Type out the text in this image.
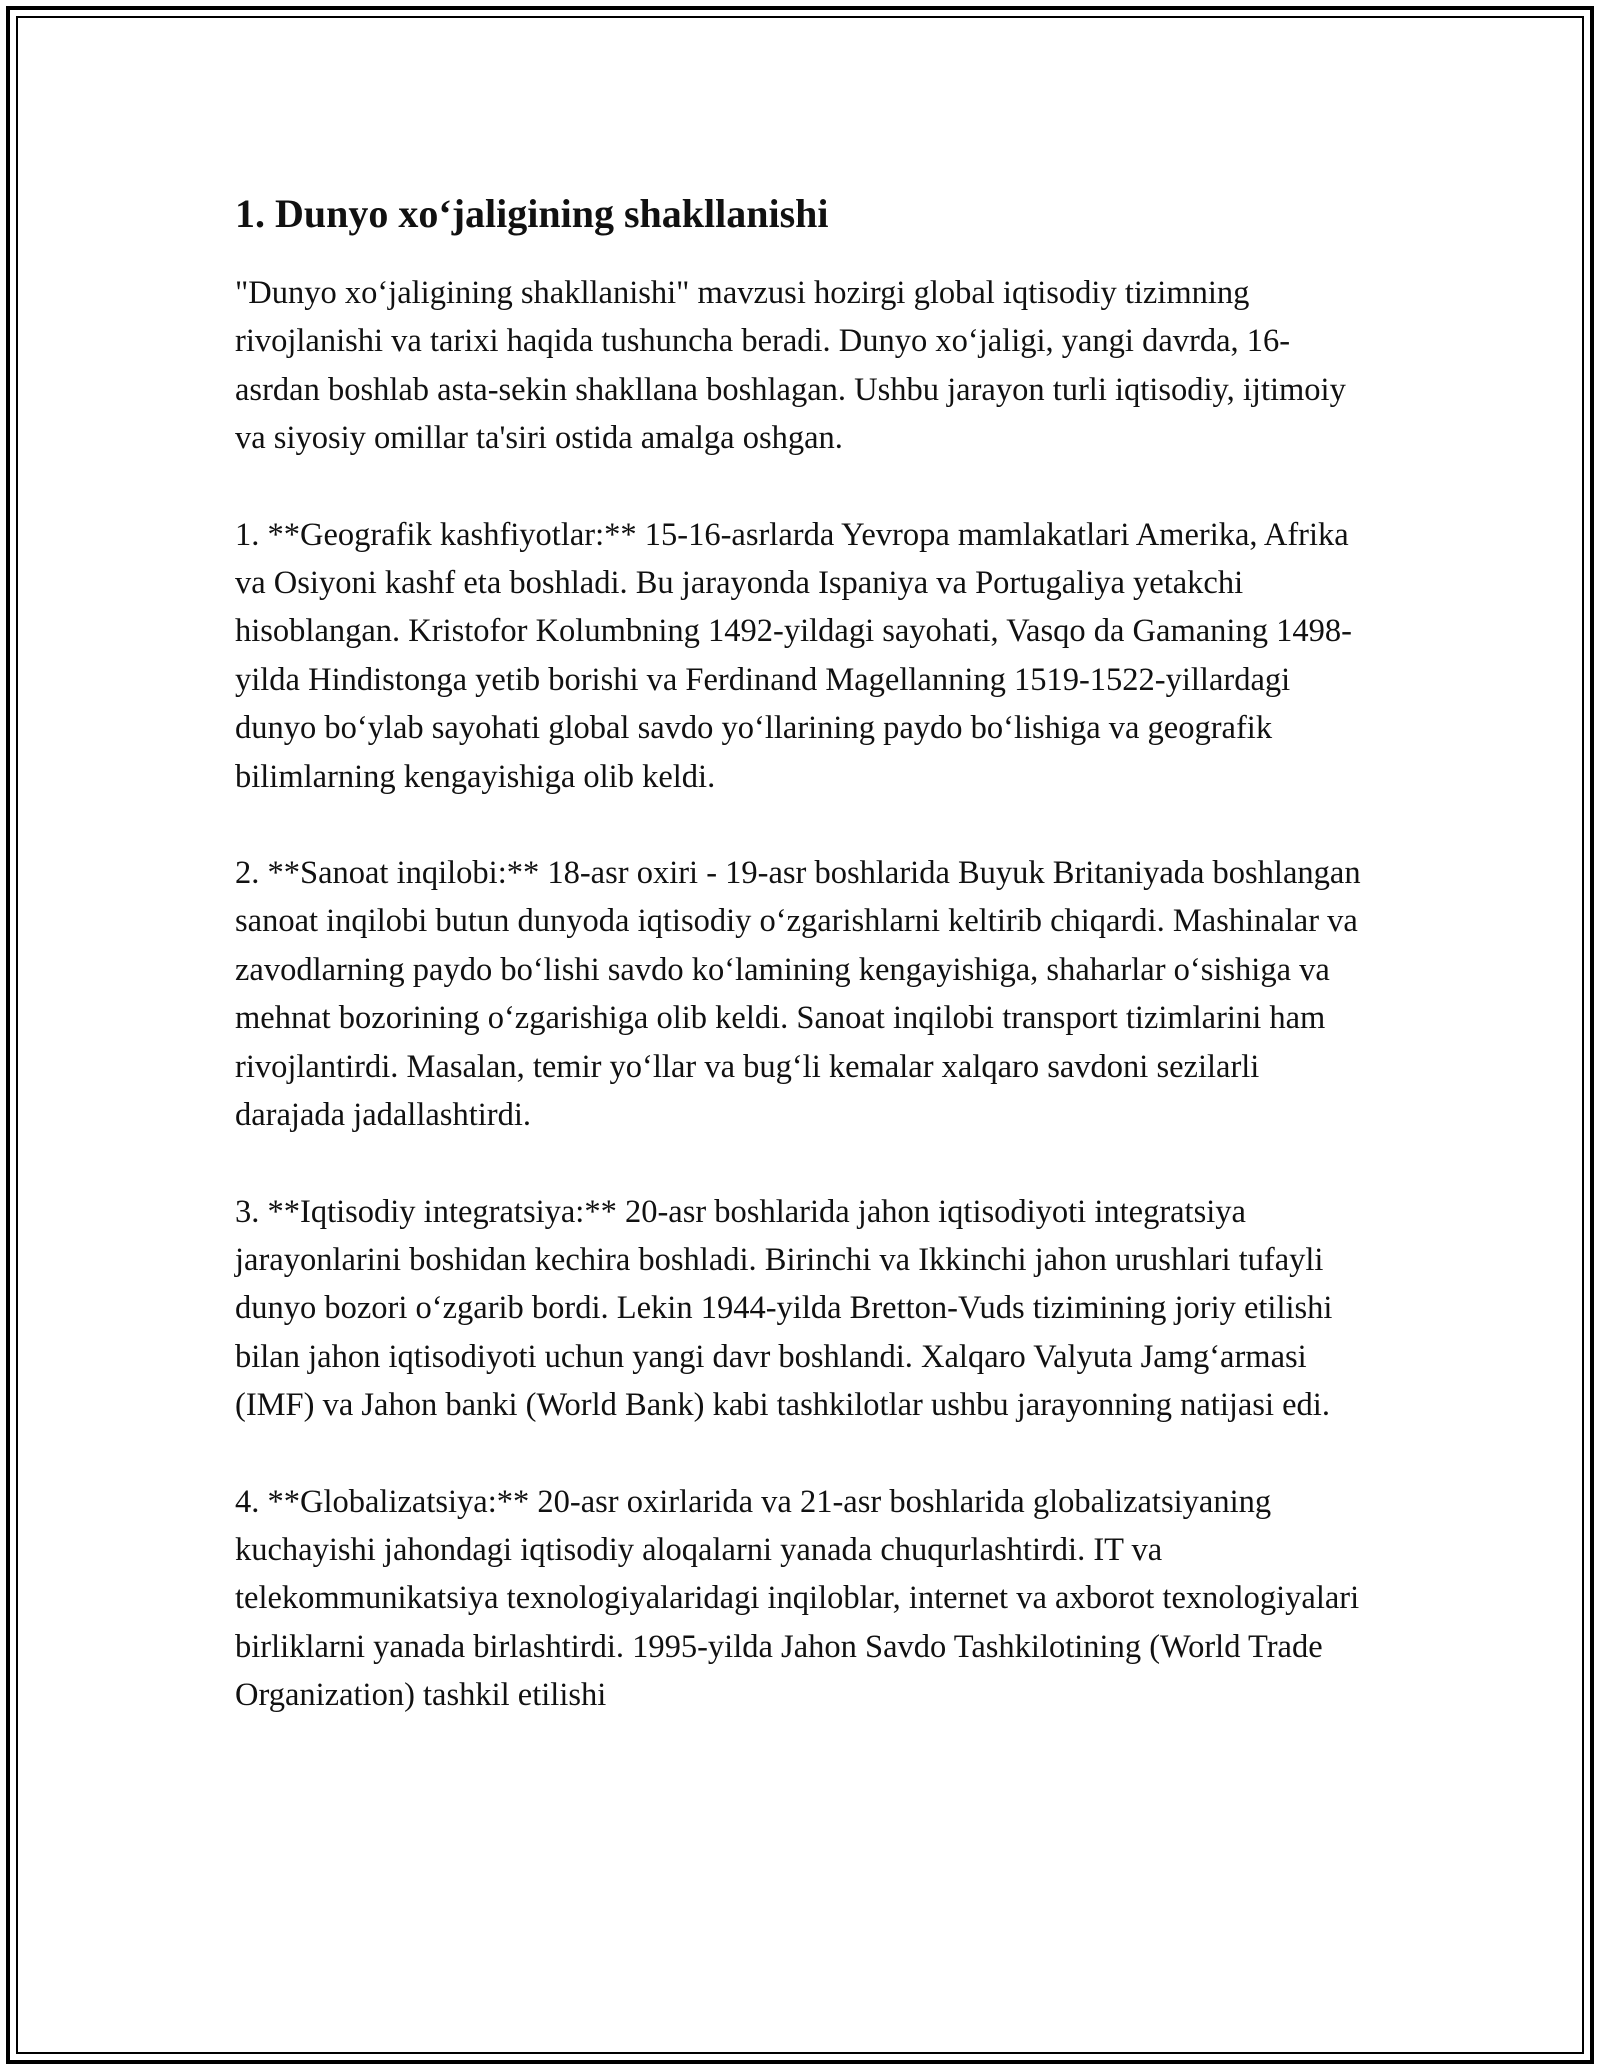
1. Dunyo xo‘jaligining shakllanishi

"Dunyo xo‘jaligining shakllanishi" mavzusi hozirgi global iqtisodiy tizimning rivojlanishi va tarixi haqida tushuncha beradi. Dunyo xo‘jaligi, yangi davrda, 16-asrdan boshlab asta-sekin shakllana boshlagan. Ushbu jarayon turli iqtisodiy, ijtimoiy va siyosiy omillar ta'siri ostida amalga oshgan.

1. **Geografik kashfiyotlar:** 15-16-asrlarda Yevropa mamlakatlari Amerika, Afrika va Osiyoni kashf eta boshladi. Bu jarayonda Ispaniya va Portugaliya yetakchi hisoblangan. Kristofor Kolumbning 1492-yildagi sayohati, Vasqo da Gamaning 1498-yilda Hindistonga yetib borishi va Ferdinand Magellanning 1519-1522-yillardagi dunyo bo‘ylab sayohati global savdo yo‘llarining paydo bo‘lishiga va geografik bilimlarning kengayishiga olib keldi.

2. **Sanoat inqilobi:** 18-asr oxiri - 19-asr boshlarida Buyuk Britaniyada boshlangan sanoat inqilobi butun dunyoda iqtisodiy o‘zgarishlarni keltirib chiqardi. Mashinalar va zavodlarning paydo bo‘lishi savdo ko‘lamining kengayishiga, shaharlar o‘sishiga va mehnat bozorining o‘zgarishiga olib keldi. Sanoat inqilobi transport tizimlarini ham rivojlantirdi. Masalan, temir yo‘llar va bug‘li kemalar xalqaro savdoni sezilarli darajada jadallashtirdi.

3. **Iqtisodiy integratsiya:** 20-asr boshlarida jahon iqtisodiyoti integratsiya jarayonlarini boshidan kechira boshladi. Birinchi va Ikkinchi jahon urushlari tufayli dunyo bozori o‘zgarib bordi. Lekin 1944-yilda Bretton-Vuds tizimining joriy etilishi bilan jahon iqtisodiyoti uchun yangi davr boshlandi. Xalqaro Valyuta Jamg‘armasi (IMF) va Jahon banki (World Bank) kabi tashkilotlar ushbu jarayonning natijasi edi.

4. **Globalizatsiya:** 20-asr oxirlarida va 21-asr boshlarida globalizatsiyaning kuchayishi jahondagi iqtisodiy aloqalarni yanada chuqurlashtirdi. IT va telekommunikatsiya texnologiyalaridagi inqiloblar, internet va axborot texnologiyalari birliklarni yanada birlashtirdi. 1995-yilda Jahon Savdo Tashkilotining (World Trade Organization) tashkil etilishi
